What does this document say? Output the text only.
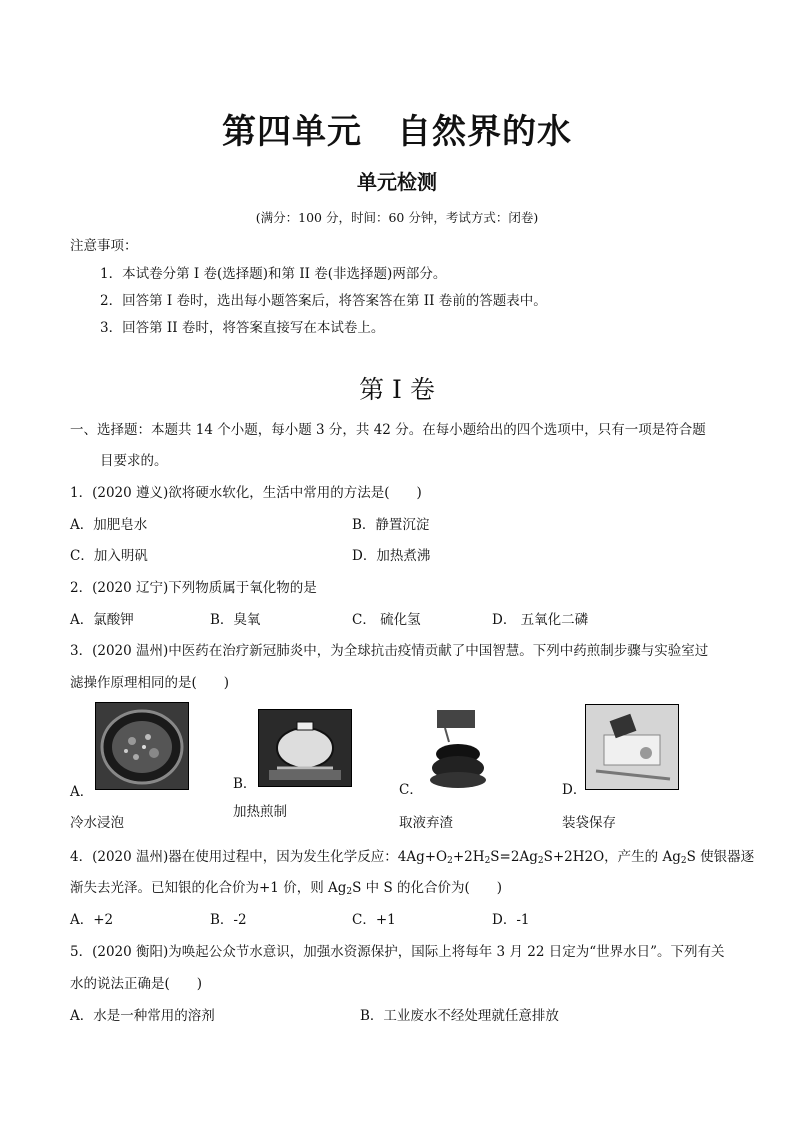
第四单元　自然界的水
单元检测
(满分：100 分，时间：60 分钟，考试方式：闭卷)
注意事项：
1．本试卷分第 I 卷(选择题)和第 II 卷(非选择题)两部分。
2．回答第 I 卷时，选出每小题答案后，将答案答在第 II 卷前的答题表中。
3．回答第 II 卷时，将答案直接写在本试卷上。
第 I 卷
一、选择题：本题共 14 个小题，每小题 3 分，共 42 分。在每小题给出的四个选项中，只有一项是符合题
目要求的。
1．(2020 遵义)欲将硬水软化，生活中常用的方法是(　　)
A．加肥皂水	B．静置沉淀
C．加入明矾	D．加热煮沸
2．(2020 辽宁)下列物质属于氧化物的是
A．氯酸钾	B．臭氧	C． 硫化氢	D． 五氧化二磷
3．(2020 温州)中医药在治疗新冠肺炎中，为全球抗击疫情贡献了中国智慧。下列中药煎制步骤与实验室过
滤操作原理相同的是(　　)
A．
冷水浸泡
B．
加热煎制
C．
取液弃渣
D．
装袋保存
4．(2020 温州)器在使用过程中，因为发生化学反应：$4Ag+O_2+2H_2S=2Ag_2S+2H2O$，产生的 $Ag_2S$ 使银器逐
渐失去光泽。已知银的化合价为+1 价，则 $Ag_2S$ 中 S 的化合价为(　　)
A．+2	B．-2	C．+1	D．-1
5．(2020 衡阳)为唤起公众节水意识，加强水资源保护，国际上将每年 3 月 22 日定为“世界水日”。下列有关
水的说法正确是(　　)
A．水是一种常用的溶剂	B．工业废水不经处理就任意排放
